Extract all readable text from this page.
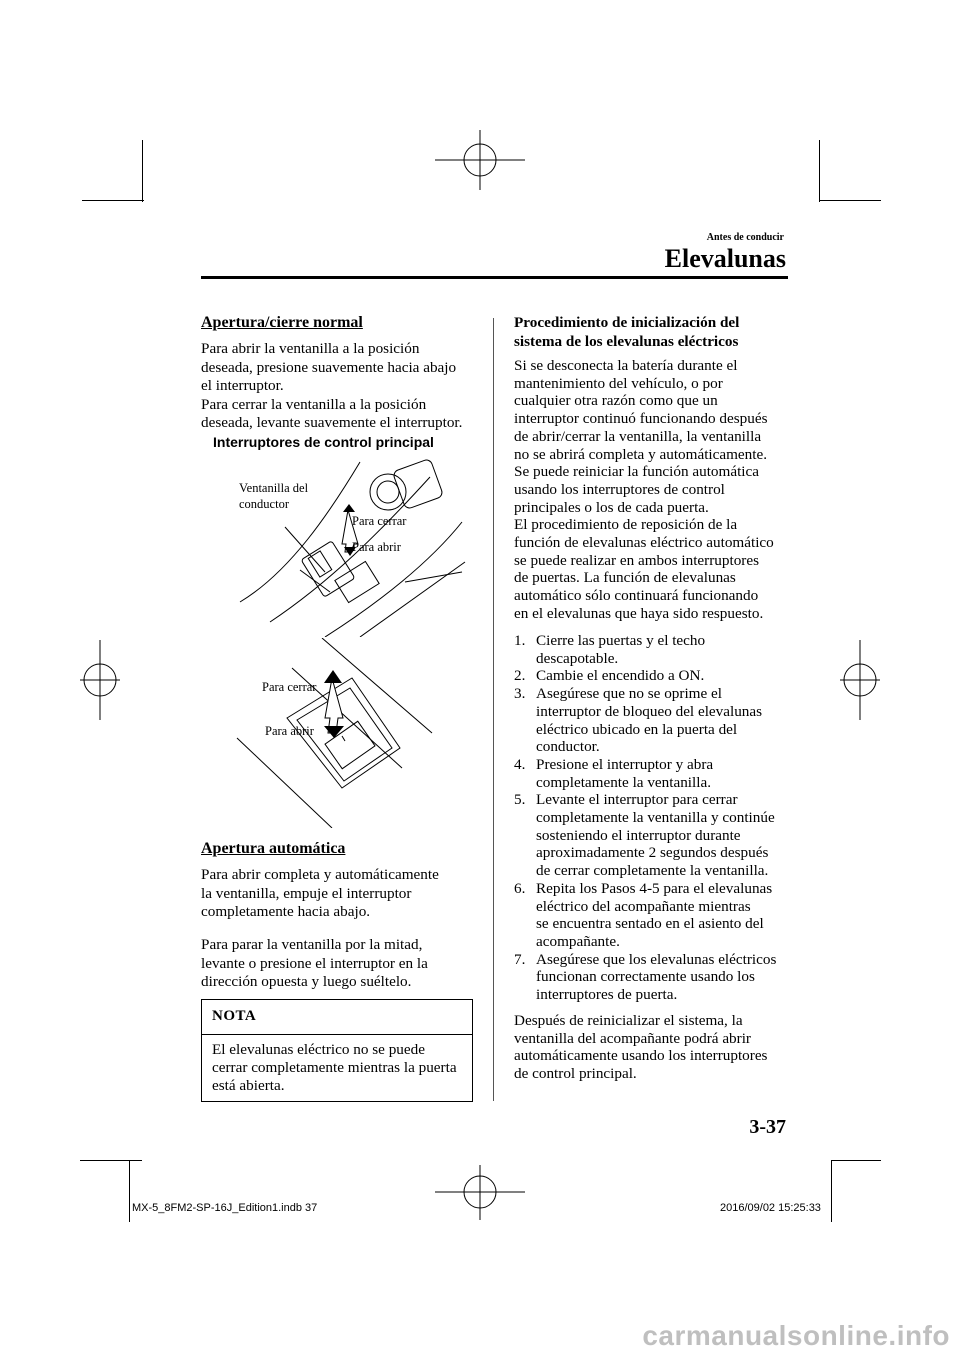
Antes de conducir
Elevalunas
Apertura/cierre normal
Para abrir la ventanilla a la posición
deseada, presione suavemente hacia abajo
el interruptor.
Para cerrar la ventanilla a la posición
deseada, levante suavemente el interruptor.
Interruptores de control principal
Ventanilla del
conductor
Para cerrar
Para abrir
Para cerrar
Para abrir
Apertura automática
Para abrir completa y automáticamente
la ventanilla, empuje el interruptor
completamente hacia abajo.
Para parar la ventanilla por la mitad,
levante o presione el interruptor en la
dirección opuesta y luego suéltelo.
NOTA
El elevalunas eléctrico no se puede
cerrar completamente mientras la puerta
está abierta.
Procedimiento de inicialización del
sistema de los elevalunas eléctricos
Si se desconecta la batería durante el
mantenimiento del vehículo, o por
cualquier otra razón como que un
interruptor continuó funcionando después
de abrir/cerrar la ventanilla, la ventanilla
no se abrirá completa y automáticamente.
Se puede reiniciar la función automática
usando los interruptores de control
principales o los de cada puerta.
El procedimiento de reposición de la
función de elevalunas eléctrico automático
se puede realizar en ambos interruptores
de puertas. La función de elevalunas
automático sólo continuará funcionando
en el elevalunas que haya sido respuesto.
1. Cierre las puertas y el techo
descapotable.
2. Cambie el encendido a ON.
3. Asegúrese que no se oprime el
interruptor de bloqueo del elevalunas
eléctrico ubicado en la puerta del
conductor.
4. Presione el interruptor y abra
completamente la ventanilla.
5. Levante el interruptor para cerrar
completamente la ventanilla y continúe
sosteniendo el interruptor durante
aproximadamente 2 segundos después
de cerrar completamente la ventanilla.
6. Repita los Pasos 4-5 para el elevalunas
eléctrico del acompañante mientras
se encuentra sentado en el asiento del
acompañante.
7. Asegúrese que los elevalunas eléctricos
funcionan correctamente usando los
interruptores de puerta.
Después de reinicializar el sistema, la
ventanilla del acompañante podrá abrir
automáticamente usando los interruptores
de control principal.
3-37
MX-5_8FM2-SP-16J_Edition1.indb 37	2016/09/02 15:25:33
carmanualsonline.info
